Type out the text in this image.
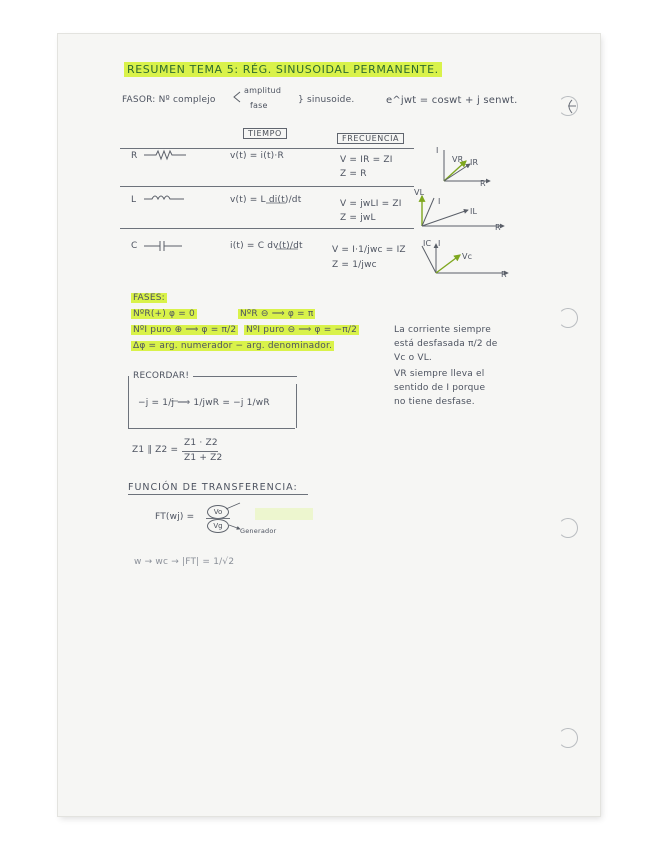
RESUMEN TEMA 5: RÉG. SINUSOIDAL PERMANENTE.
FASOR: Nº complejo
amplitud
fase
} sinusoide.	e^jwt = coswt + j senwt.
TIEMPO
FRECUENCIA
R	v(t) = i(t)·R	V = IR = ZI
Z = R
L	v(t) = L di(t)/dt	V = jwLI = ZI
Z = jwL
C	i(t) = C dv(t)/dt	V = I·1/jwc = IZ
Z = 1/jwc
I
VR IR
R
VL
I
IL
R
IC I
Vc
R
FASES:
NºR(+) φ = 0	NºR ⊖ ⟹ φ = π
NºI puro ⊕ ⟹ φ = π/2 NºI puro ⊖ ⟹ φ = −π/2
Δφ = arg. numerador − arg. denominador.
La corriente siempre
está desfasada π/2 de
Vc o VL.
VR siempre lleva el
sentido de I porque
no tiene desfase.
RECORDAR!
−j = 1/j ⟹ 1/jwR = −j 1/wR
Z1 ∥ Z2 =
Z1 · Z2
Z1 + Z2
FUNCIÓN DE TRANSFERENCIA:
FT(wj) =	Vo
Vg
Generador
w → wc → |FT| = 1/√2
